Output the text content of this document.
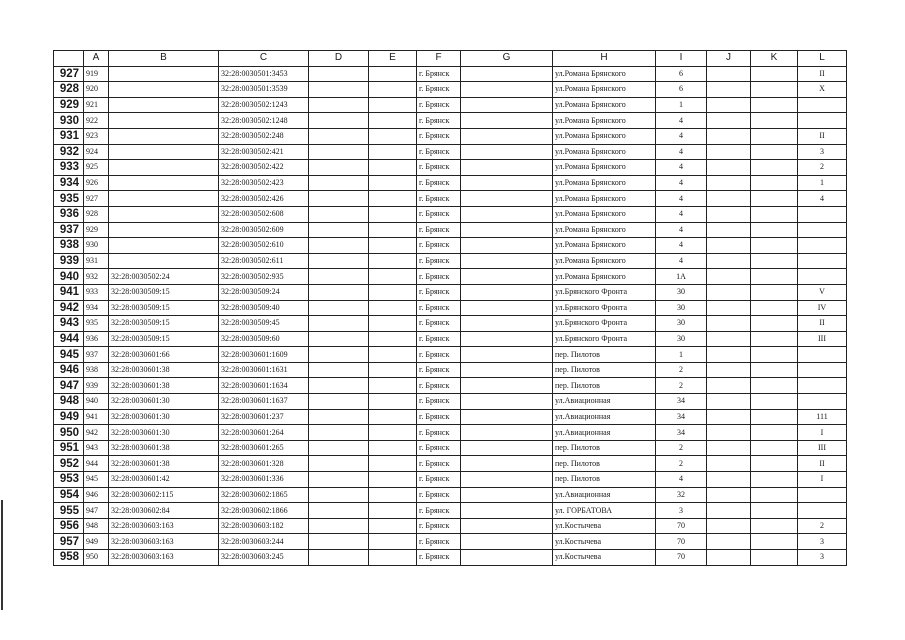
	A	B	C	D	E	F	G	H	I	J	K	L
927	919		32:28:0030501:3453			г. Брянск		ул.Романа Брянского	6			II
928	920		32:28:0030501:3539			г. Брянск		ул.Романа Брянского	6			X
929	921		32:28:0030502:1243			г. Брянск		ул.Романа Брянского	1			
930	922		32:28:0030502:1248			г. Брянск		ул.Романа Брянского	4			
931	923		32:28:0030502:248			г. Брянск		ул.Романа Брянского	4			II
932	924		32:28:0030502:421			г. Брянск		ул.Романа Брянского	4			3
933	925		32:28:0030502:422			г. Брянск		ул.Романа Брянского	4			2
934	926		32:28:0030502:423			г. Брянск		ул.Романа Брянского	4			1
935	927		32:28:0030502:426			г. Брянск		ул.Романа Брянского	4			4
936	928		32:28:0030502:608			г. Брянск		ул.Романа Брянского	4			
937	929		32:28:0030502:609			г. Брянск		ул.Романа Брянского	4			
938	930		32:28:0030502:610			г. Брянск		ул.Романа Брянского	4			
939	931		32:28:0030502:611			г. Брянск		ул.Романа Брянского	4			
940	932	32:28:0030502:24	32:28:0030502:935			г. Брянск		ул.Романа Брянского	1А			
941	933	32:28:0030509:15	32:28:0030509:24			г. Брянск		ул.Брянского Фронта	30			V
942	934	32:28:0030509:15	32:28:0030509:40			г. Брянск		ул.Брянского Фронта	30			IV
943	935	32:28:0030509:15	32:28:0030509:45			г. Брянск		ул.Брянского Фронта	30			II
944	936	32:28:0030509:15	32:28:0030509:60			г. Брянск		ул.Брянского Фронта	30			III
945	937	32:28:0030601:66	32:28:0030601:1609			г. Брянск		пер. Пилотов	1			
946	938	32:28:0030601:38	32:28:0030601:1631			г. Брянск		пер. Пилотов	2			
947	939	32:28:0030601:38	32:28:0030601:1634			г. Брянск		пер. Пилотов	2			
948	940	32:28:0030601:30	32:28:0030601:1637			г. Брянск		ул.Авиационная	34			
949	941	32:28:0030601:30	32:28:0030601:237			г. Брянск		ул.Авиационная	34			111
950	942	32:28:0030601:30	32:28:0030601:264			г. Брянск		ул.Авиационная	34			I
951	943	32:28:0030601:38	32:28:0030601:265			г. Брянск		пер. Пилотов	2			III
952	944	32:28:0030601:38	32:28:0030601:328			г. Брянск		пер. Пилотов	2			II
953	945	32:28:0030601:42	32:28:0030601:336			г. Брянск		пер. Пилотов	4			I
954	946	32:28:0030602:115	32:28:0030602:1865			г. Брянск		ул.Авиационная	32			
955	947	32:28:0030602:84	32:28:0030602:1866			г. Брянск		ул. ГОРБАТОВА	3			
956	948	32:28:0030603:163	32:28:0030603:182			г. Брянск		ул.Костычева	70			2
957	949	32:28:0030603:163	32:28:0030603:244			г. Брянск		ул.Костычева	70			3
958	950	32:28:0030603:163	32:28:0030603:245			г. Брянск		ул.Костычева	70			3
